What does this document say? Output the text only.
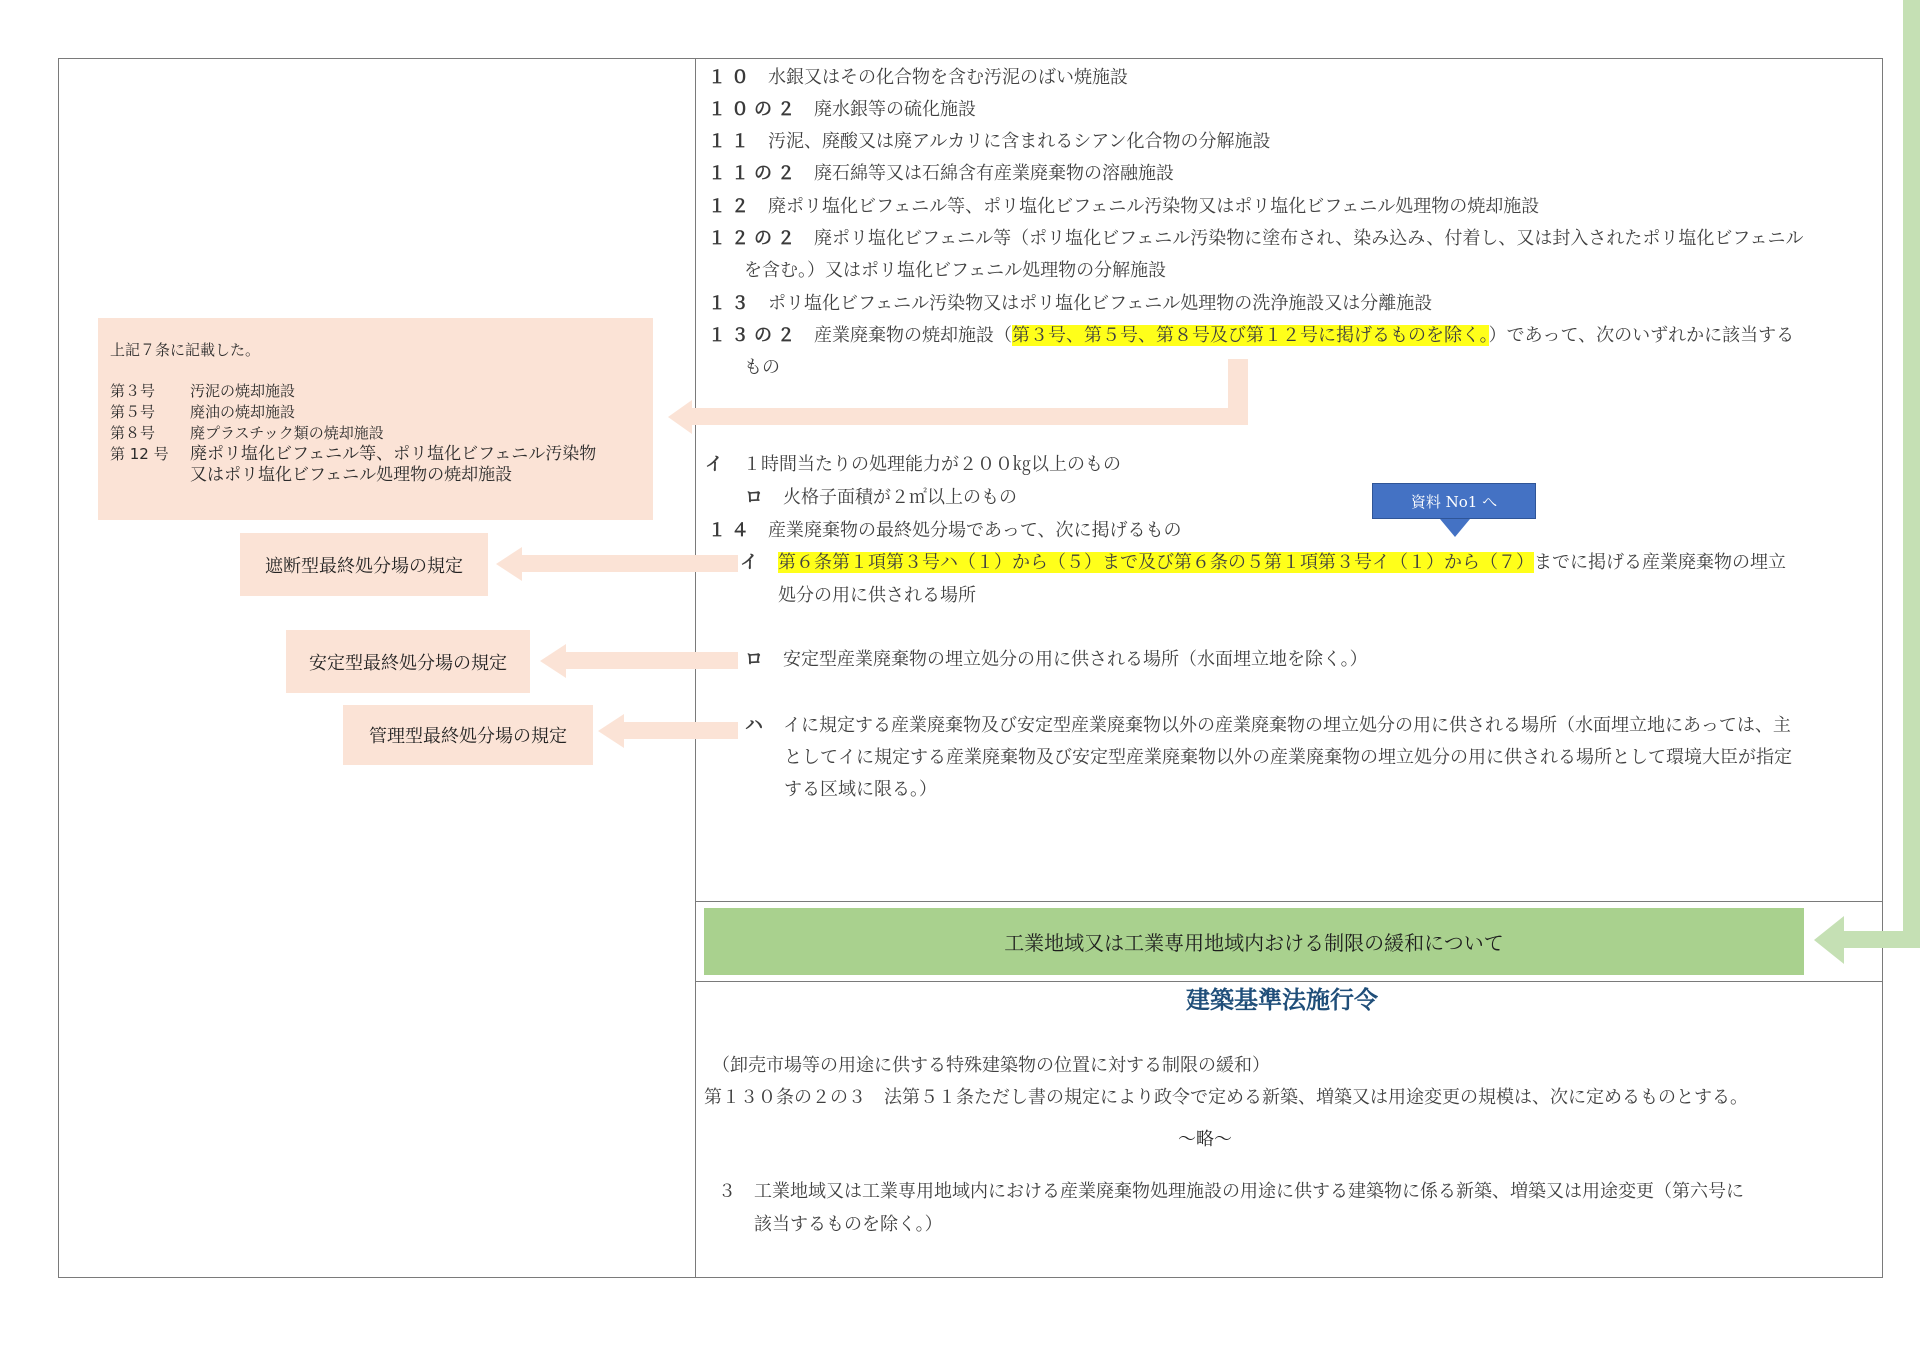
１０ 水銀又はその化合物を含む汚泥のばい焼施設
１０の２ 廃水銀等の硫化施設
１１ 汚泥、廃酸又は廃アルカリに含まれるシアン化合物の分解施設
１１の２ 廃石綿等又は石綿含有産業廃棄物の溶融施設
１２ 廃ポリ塩化ビフェニル等、ポリ塩化ビフェニル汚染物又はポリ塩化ビフェニル処理物の焼却施設
１２の２ 廃ポリ塩化ビフェニル等（ポリ塩化ビフェニル汚染物に塗布され、染み込み、付着し、又は封入されたポリ塩化ビフェニル
を含む。）又はポリ塩化ビフェニル処理物の分解施設
１３ ポリ塩化ビフェニル汚染物又はポリ塩化ビフェニル処理物の洗浄施設又は分離施設
１３の２ 産業廃棄物の焼却施設（第３号、第５号、第８号及び第１２号に掲げるものを除く。）であって、次のいずれかに該当する
もの
イ １時間当たりの処理能力が２００㎏以上のもの
ロ 火格子面積が２㎡以上のもの
１４ 産業廃棄物の最終処分場であって、次に掲げるもの
イ 第６条第１項第３号ハ（１）から（５）まで及び第６条の５第１項第３号イ（１）から（７）までに掲げる産業廃棄物の埋立
処分の用に供される場所
ロ 安定型産業廃棄物の埋立処分の用に供される場所（水面埋立地を除く。）
ハ イに規定する産業廃棄物及び安定型産業廃棄物以外の産業廃棄物の埋立処分の用に供される場所（水面埋立地にあっては、主
としてイに規定する産業廃棄物及び安定型産業廃棄物以外の産業廃棄物の埋立処分の用に供される場所として環境大臣が指定
する区域に限る。）
資料 No1 へ
上記７条に記載した。
第３号 汚泥の焼却施設
第５号 廃油の焼却施設
第８号 廃プラスチック類の焼却施設
第 12 号 廃ポリ塩化ビフェニル等、ポリ塩化ビフェニル汚染物
又はポリ塩化ビフェニル処理物の焼却施設
遮断型最終処分場の規定
安定型最終処分場の規定
管理型最終処分場の規定
工業地域又は工業専用地域内おける制限の緩和について
建築基準法施行令
（卸売市場等の用途に供する特殊建築物の位置に対する制限の緩和）
第１３０条の２の３　法第５１条ただし書の規定により政令で定める新築、増築又は用途変更の規模は、次に定めるものとする。
～略～
３　工業地域又は工業専用地域内における産業廃棄物処理施設の用途に供する建築物に係る新築、増築又は用途変更（第六号に
該当するものを除く。）
